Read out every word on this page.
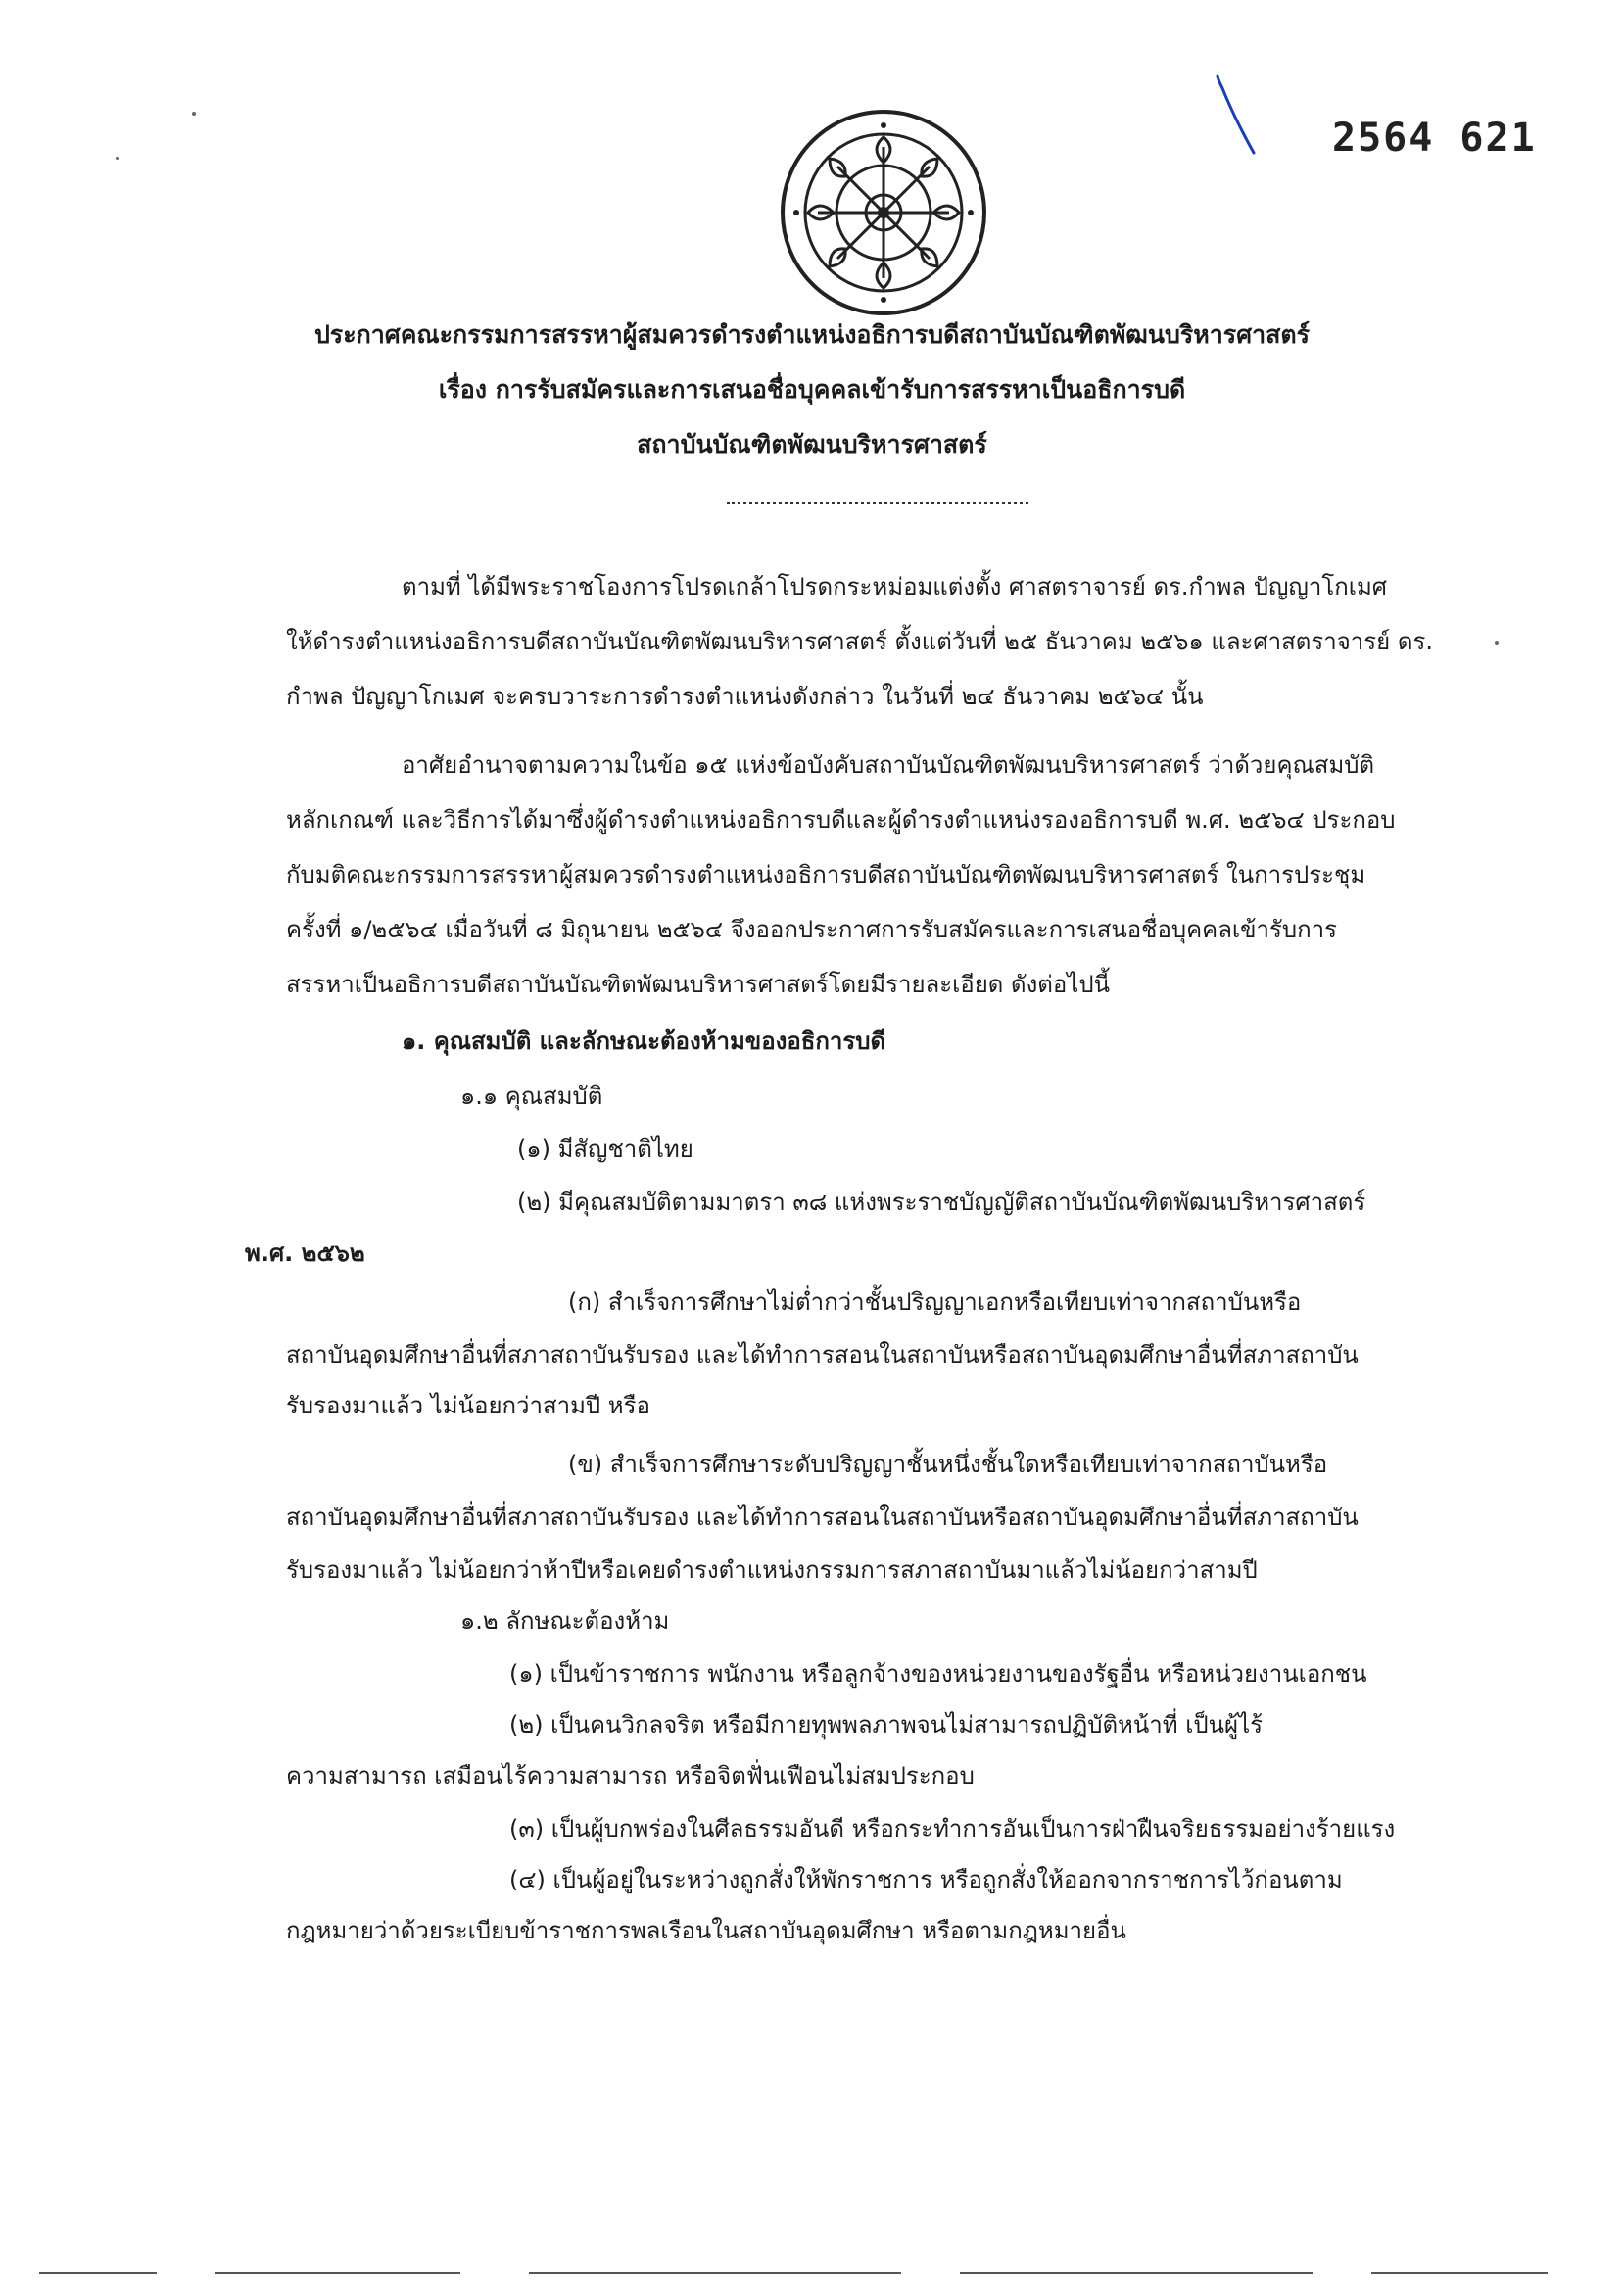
2564 621
ประกาศคณะกรรมการสรรหาผู้สมควรดำรงตำแหน่งอธิการบดีสถาบันบัณฑิตพัฒนบริหารศาสตร์
เรื่อง การรับสมัครและการเสนอชื่อบุคคลเข้ารับการสรรหาเป็นอธิการบดี
สถาบันบัณฑิตพัฒนบริหารศาสตร์
ตามที่ ได้มีพระราชโองการโปรดเกล้าโปรดกระหม่อมแต่งตั้ง ศาสตราจารย์ ดร.กำพล ปัญญาโกเมศ
ให้ดำรงตำแหน่งอธิการบดีสถาบันบัณฑิตพัฒนบริหารศาสตร์ ตั้งแต่วันที่ ๒๕ ธันวาคม ๒๕๖๑ และศาสตราจารย์ ดร.
กำพล ปัญญาโกเมศ จะครบวาระการดำรงตำแหน่งดังกล่าว ในวันที่ ๒๔ ธันวาคม ๒๕๖๔ นั้น
อาศัยอำนาจตามความในข้อ ๑๕ แห่งข้อบังคับสถาบันบัณฑิตพัฒนบริหารศาสตร์ ว่าด้วยคุณสมบัติ
หลักเกณฑ์ และวิธีการได้มาซึ่งผู้ดำรงตำแหน่งอธิการบดีและผู้ดำรงตำแหน่งรองอธิการบดี พ.ศ. ๒๕๖๔ ประกอบ
กับมติคณะกรรมการสรรหาผู้สมควรดำรงตำแหน่งอธิการบดีสถาบันบัณฑิตพัฒนบริหารศาสตร์ ในการประชุม
ครั้งที่ ๑/๒๕๖๔ เมื่อวันที่ ๘ มิถุนายน ๒๕๖๔ จึงออกประกาศการรับสมัครและการเสนอชื่อบุคคลเข้ารับการ
สรรหาเป็นอธิการบดีสถาบันบัณฑิตพัฒนบริหารศาสตร์โดยมีรายละเอียด ดังต่อไปนี้
๑. คุณสมบัติ และลักษณะต้องห้ามของอธิการบดี
๑.๑ คุณสมบัติ
(๑) มีสัญชาติไทย
(๒) มีคุณสมบัติตามมาตรา ๓๘ แห่งพระราชบัญญัติสถาบันบัณฑิตพัฒนบริหารศาสตร์
พ.ศ. ๒๕๖๒
(ก) สำเร็จการศึกษาไม่ต่ำกว่าชั้นปริญญาเอกหรือเทียบเท่าจากสถาบันหรือ
สถาบันอุดมศึกษาอื่นที่สภาสถาบันรับรอง และได้ทำการสอนในสถาบันหรือสถาบันอุดมศึกษาอื่นที่สภาสถาบัน
รับรองมาแล้ว ไม่น้อยกว่าสามปี หรือ
(ข) สำเร็จการศึกษาระดับปริญญาชั้นหนึ่งชั้นใดหรือเทียบเท่าจากสถาบันหรือ
สถาบันอุดมศึกษาอื่นที่สภาสถาบันรับรอง และได้ทำการสอนในสถาบันหรือสถาบันอุดมศึกษาอื่นที่สภาสถาบัน
รับรองมาแล้ว ไม่น้อยกว่าห้าปีหรือเคยดำรงตำแหน่งกรรมการสภาสถาบันมาแล้วไม่น้อยกว่าสามปี
๑.๒ ลักษณะต้องห้าม
(๑) เป็นข้าราชการ พนักงาน หรือลูกจ้างของหน่วยงานของรัฐอื่น หรือหน่วยงานเอกชน
(๒) เป็นคนวิกลจริต หรือมีกายทุพพลภาพจนไม่สามารถปฏิบัติหน้าที่ เป็นผู้ไร้
ความสามารถ เสมือนไร้ความสามารถ หรือจิตฟั่นเฟือนไม่สมประกอบ
(๓) เป็นผู้บกพร่องในศีลธรรมอันดี หรือกระทำการอันเป็นการฝ่าฝืนจริยธรรมอย่างร้ายแรง
(๔) เป็นผู้อยู่ในระหว่างถูกสั่งให้พักราชการ หรือถูกสั่งให้ออกจากราชการไว้ก่อนตาม
กฎหมายว่าด้วยระเบียบข้าราชการพลเรือนในสถาบันอุดมศึกษา หรือตามกฎหมายอื่น
